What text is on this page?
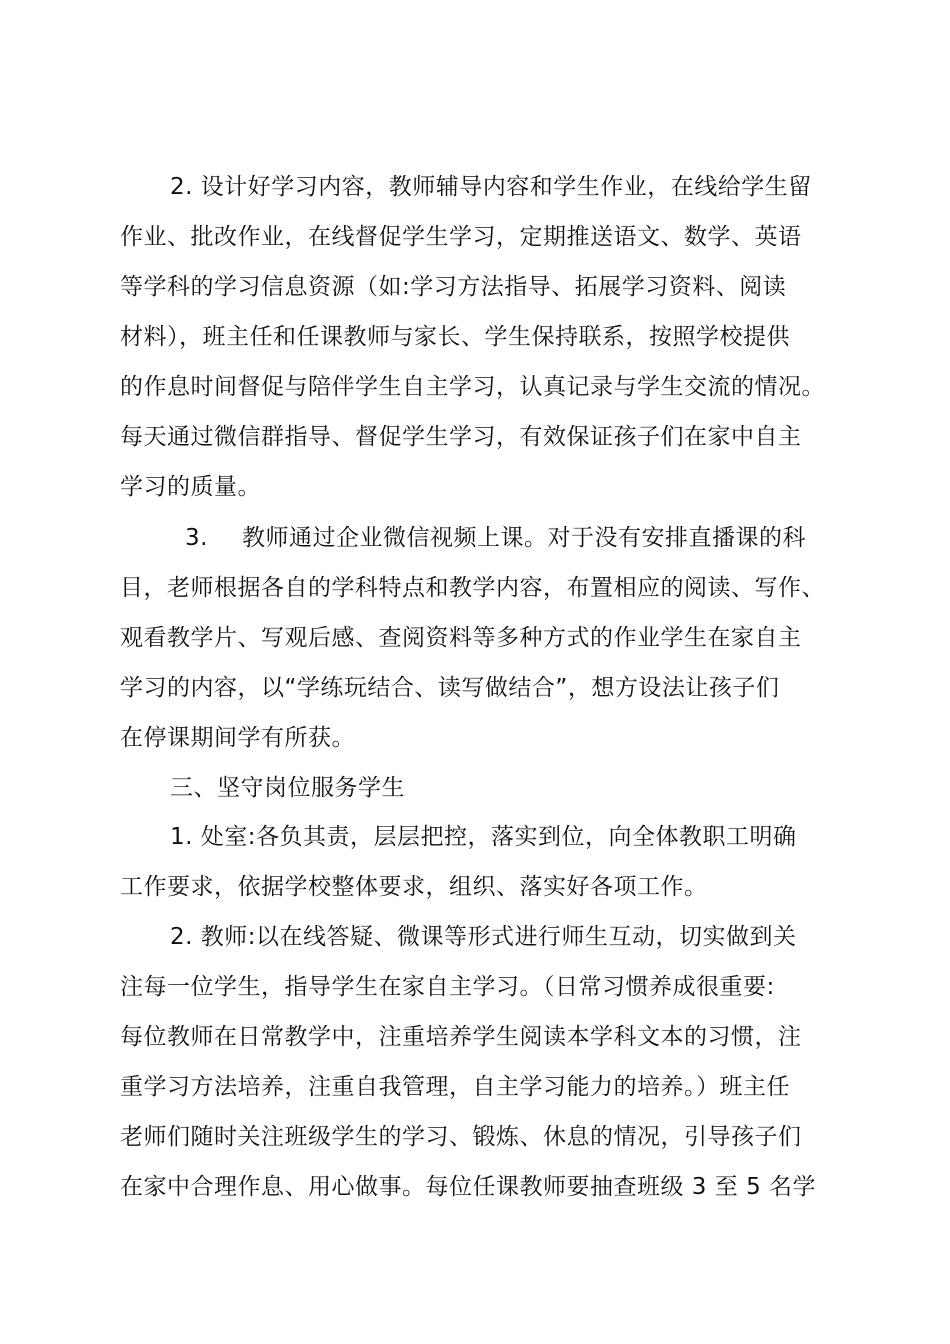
2. 设计好学习内容，教师辅导内容和学生作业，在线给学生留
作业、批改作业，在线督促学生学习，定期推送语文、数学、英语
等学科的学习信息资源（如:学习方法指导、拓展学习资料、阅读
材料），班主任和任课教师与家长、学生保持联系，按照学校提供
的作息时间督促与陪伴学生自主学习，认真记录与学生交流的情况。
每天通过微信群指导、督促学生学习，有效保证孩子们在家中自主
学习的质量。
3. 教师通过企业微信视频上课。对于没有安排直播课的科
目，老师根据各自的学科特点和教学内容，布置相应的阅读、写作、
观看教学片、写观后感、查阅资料等多种方式的作业学生在家自主
学习的内容，以“学练玩结合、读写做结合”，想方设法让孩子们
在停课期间学有所获。
三、坚守岗位服务学生
1. 处室:各负其责，层层把控，落实到位，向全体教职工明确
工作要求，依据学校整体要求，组织、落实好各项工作。
2. 教师:以在线答疑、微课等形式进行师生互动，切实做到关
注每一位学生，指导学生在家自主学习。（日常习惯养成很重要:
每位教师在日常教学中，注重培养学生阅读本学科文本的习惯，注
重学习方法培养，注重自我管理，自主学习能力的培养。）班主任
老师们随时关注班级学生的学习、锻炼、休息的情况，引导孩子们
在家中合理作息、用心做事。每位任课教师要抽查班级 3 至 5 名学
